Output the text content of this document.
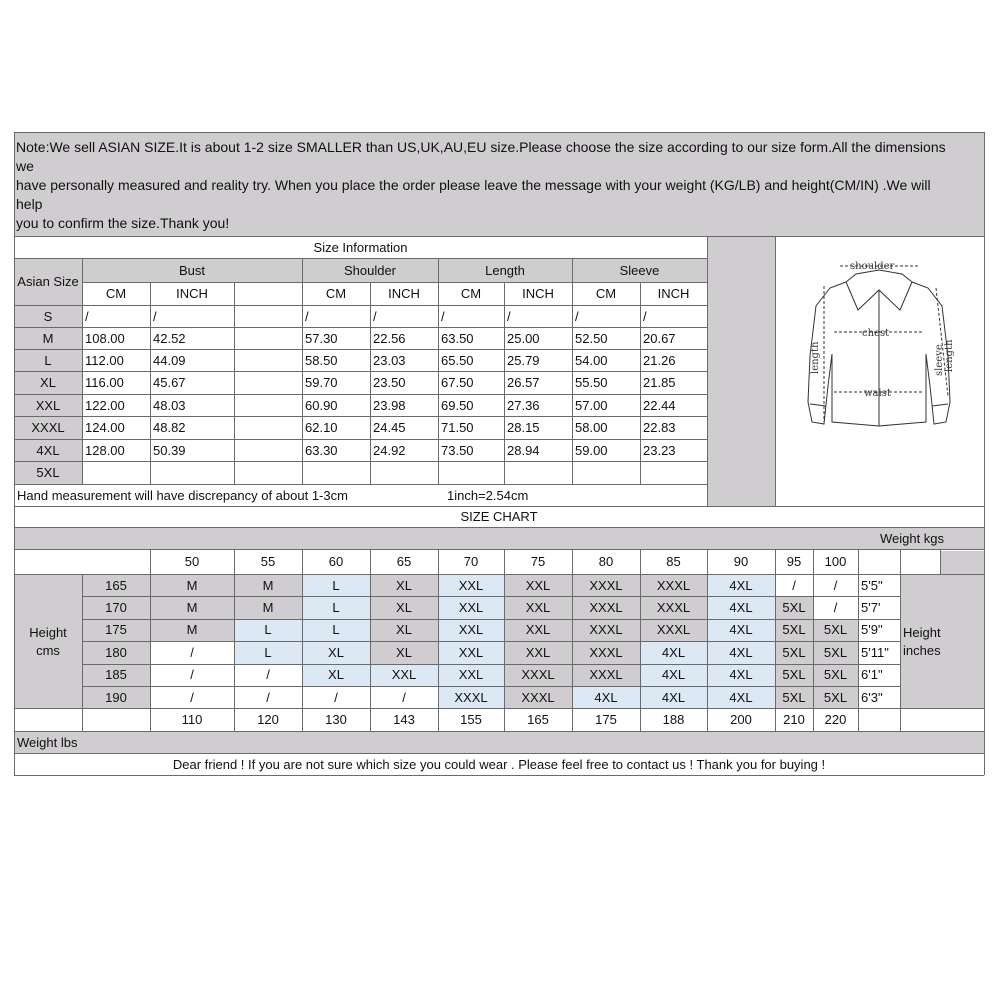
Note:We sell ASIAN SIZE.It is about 1-2 size SMALLER than US,UK,AU,EU size.Please choose the size according to our size form.All the dimensions

we

have personally measured and reality try. When you place the order please leave the message with your weight (KG/LB) and height(CM/IN) .We will

help

you to confirm the size.Thank you!

Size Information
Asian Size
Bust	Shoulder	Length	Sleeve
CM	INCH	CM	INCH	CM	INCH	CM	INCH
S	/	/	/	/	/	/	/	/
M	108.00	42.52	57.30	22.56	63.50	25.00	52.50	20.67
L	112.00	44.09	58.50	23.03	65.50	25.79	54.00	21.26
XL	116.00	45.67	59.70	23.50	67.50	26.57	55.50	21.85
XXL	122.00	48.03	60.90	23.98	69.50	27.36	57.00	22.44
XXXL	124.00	48.82	62.10	24.45	71.50	28.15	58.00	22.83
4XL	128.00	50.39	63.30	24.92	73.50	28.94	59.00	23.23
5XL
Hand measurement will have discrepancy of about 1-3cm	1inch=2.54cm
SIZE CHART
Weight kgs
50	55	60	65	70	75	80	85	90	95	100
110	120	130	143	155	165	175	188	200	210	220
Height
cms
Height
inches
165	M	M	L	XL	XXL	XXL	XXXL	XXXL	4XL	/	/	5'5"
170	M	M	L	XL	XXL	XXL	XXXL	XXXL	4XL	5XL	/	5'7'
175	M	L	L	XL	XXL	XXL	XXXL	XXXL	4XL	5XL	5XL	5'9"
180	/	L	XL	XL	XXL	XXL	XXXL	4XL	4XL	5XL	5XL	5'11"
185	/	/	XL	XXL	XXL	XXXL	XXXL	4XL	4XL	5XL	5XL	6'1"
190	/	/	/	/	XXXL	XXXL	4XL	4XL	4XL	5XL	5XL	6'3"
Weight lbs
Dear friend ! If you are not sure which size you could wear . Please feel free to contact us ! Thank you for buying !
shoulder
chest
waist
length	sleeve length
